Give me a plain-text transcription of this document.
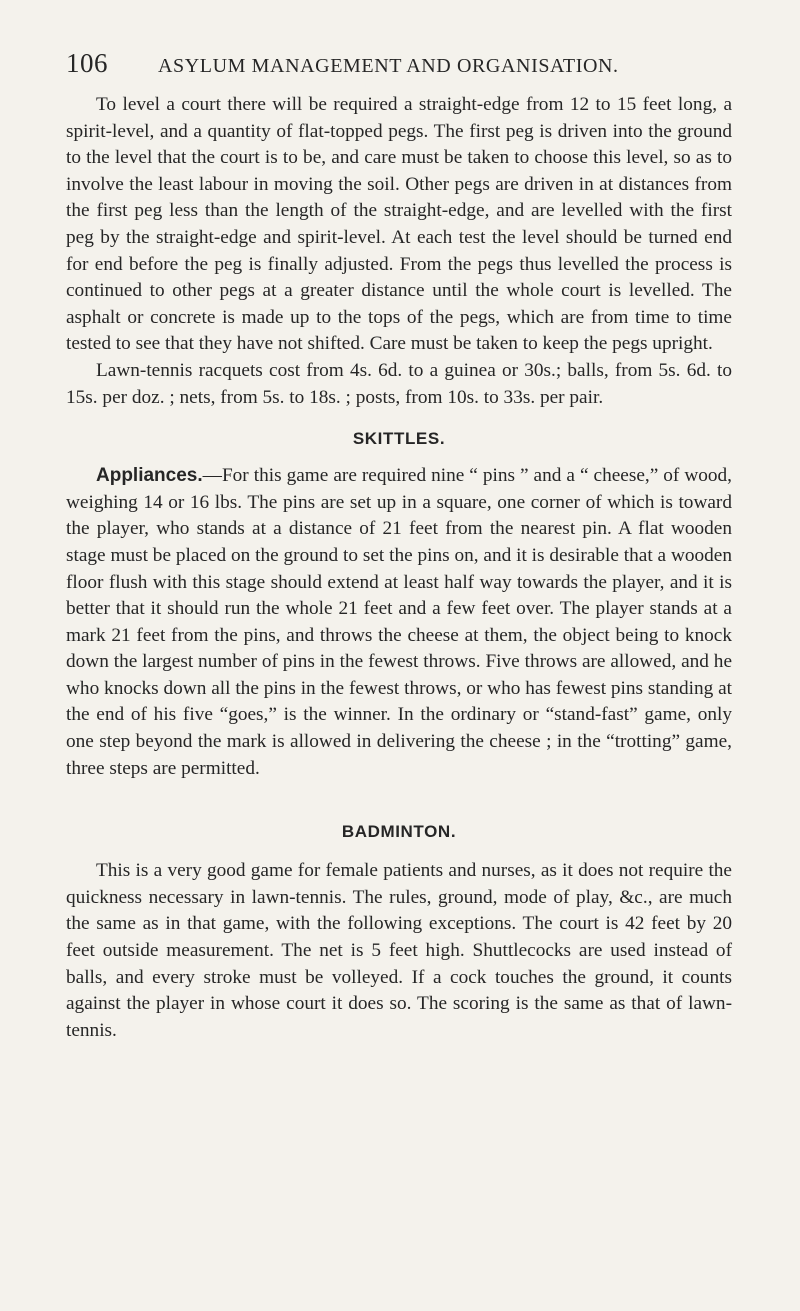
106	ASYLUM MANAGEMENT AND ORGANISATION.

To level a court there will be required a straight-edge from 12 to 15 feet long, a spirit-level, and a quantity of flat-topped pegs. The first peg is driven into the ground to the level that the court is to be, and care must be taken to choose this level, so as to involve the least labour in moving the soil. Other pegs are driven in at distances from the first peg less than the length of the straight-edge, and are levelled with the first peg by the straight-edge and spirit-level. At each test the level should be turned end for end before the peg is finally adjusted. From the pegs thus levelled the process is continued to other pegs at a greater distance until the whole court is levelled. The asphalt or concrete is made up to the tops of the pegs, which are from time to time tested to see that they have not shifted. Care must be taken to keep the pegs upright.

Lawn-tennis racquets cost from 4s. 6d. to a guinea or 30s.; balls, from 5s. 6d. to 15s. per doz. ; nets, from 5s. to 18s. ; posts, from 10s. to 33s. per pair.

SKITTLES.

Appliances.—For this game are required nine “ pins ” and a “ cheese,” of wood, weighing 14 or 16 lbs. The pins are set up in a square, one corner of which is toward the player, who stands at a distance of 21 feet from the nearest pin. A flat wooden stage must be placed on the ground to set the pins on, and it is desirable that a wooden floor flush with this stage should extend at least half way towards the player, and it is better that it should run the whole 21 feet and a few feet over. The player stands at a mark 21 feet from the pins, and throws the cheese at them, the object being to knock down the largest number of pins in the fewest throws. Five throws are allowed, and he who knocks down all the pins in the fewest throws, or who has fewest pins standing at the end of his five “goes,” is the winner. In the ordinary or “stand-fast” game, only one step beyond the mark is allowed in delivering the cheese ; in the “trotting” game, three steps are permitted.

BADMINTON.

This is a very good game for female patients and nurses, as it does not require the quickness necessary in lawn-tennis. The rules, ground, mode of play, &c., are much the same as in that game, with the following exceptions. The court is 42 feet by 20 feet outside measurement. The net is 5 feet high. Shuttlecocks are used instead of balls, and every stroke must be volleyed. If a cock touches the ground, it counts against the player in whose court it does so. The scoring is the same as that of lawn-tennis.
